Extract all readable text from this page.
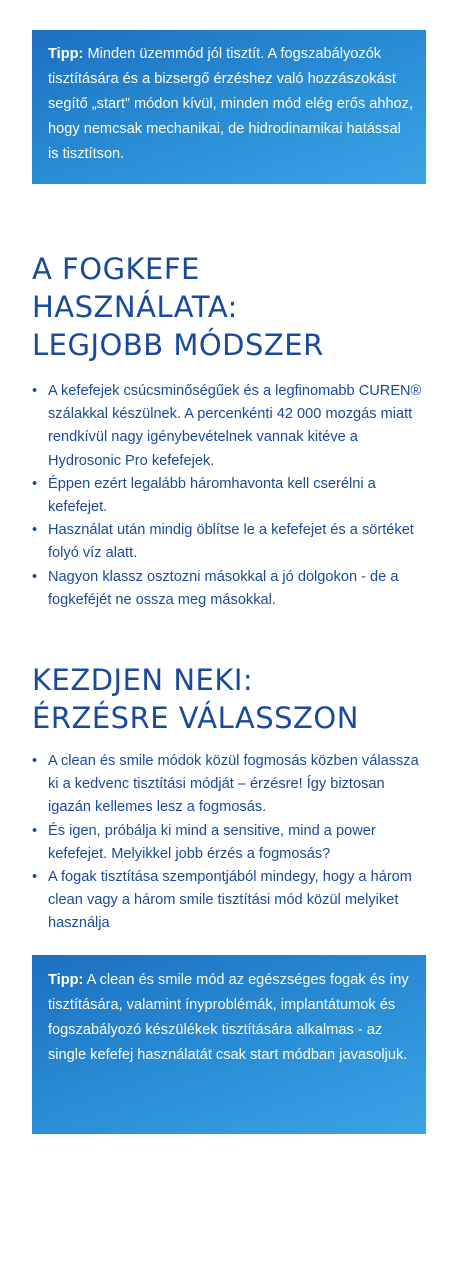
Tipp: Minden üzemmód jól tisztít. A fogszabályozók tisztítására és a bizsergő érzéshez való hozzászokást segítő „start” módon kívül, minden mód elég erős ahhoz, hogy nemcsak mechanikai, de hidrodinamikai hatással is tisztítson.
A FOGKEFE
HASZNÁLATA:
LEGJOBB MÓDSZER
• A kefefejek csúcsminőségűek és a legfinomabb CUREN® szálakkal készülnek. A percenkénti 42 000 mozgás miatt rendkívül nagy igénybevételnek vannak kitéve a Hydrosonic Pro kefefejek.
• Éppen ezért legalább háromhavonta kell cserélni a kefefejet.
• Használat után mindig öblítse le a kefefejet és a sörtéket folyó víz alatt.
• Nagyon klassz osztozni másokkal a jó dolgokon - de a fogkeféjét ne ossza meg másokkal.
KEZDJEN NEKI:
ÉRZÉSRE VÁLASSZON
• A clean és smile módok közül fogmosás közben válassza ki a kedvenc tisztítási módját – érzésre! Így biztosan igazán kellemes lesz a fogmosás.
• És igen, próbálja ki mind a sensitive, mind a power kefefejet. Melyikkel jobb érzés a fogmosás?
• A fogak tisztítása szempontjából mindegy, hogy a három clean vagy a három smile tisztítási mód közül melyiket használja
Tipp: A clean és smile mód az egészséges fogak és íny tisztítására, valamint ínyproblémák, implantátumok és fogszabályozó készülékek tisztítására alkalmas - az single kefefej használatát csak start módban javasoljuk.
